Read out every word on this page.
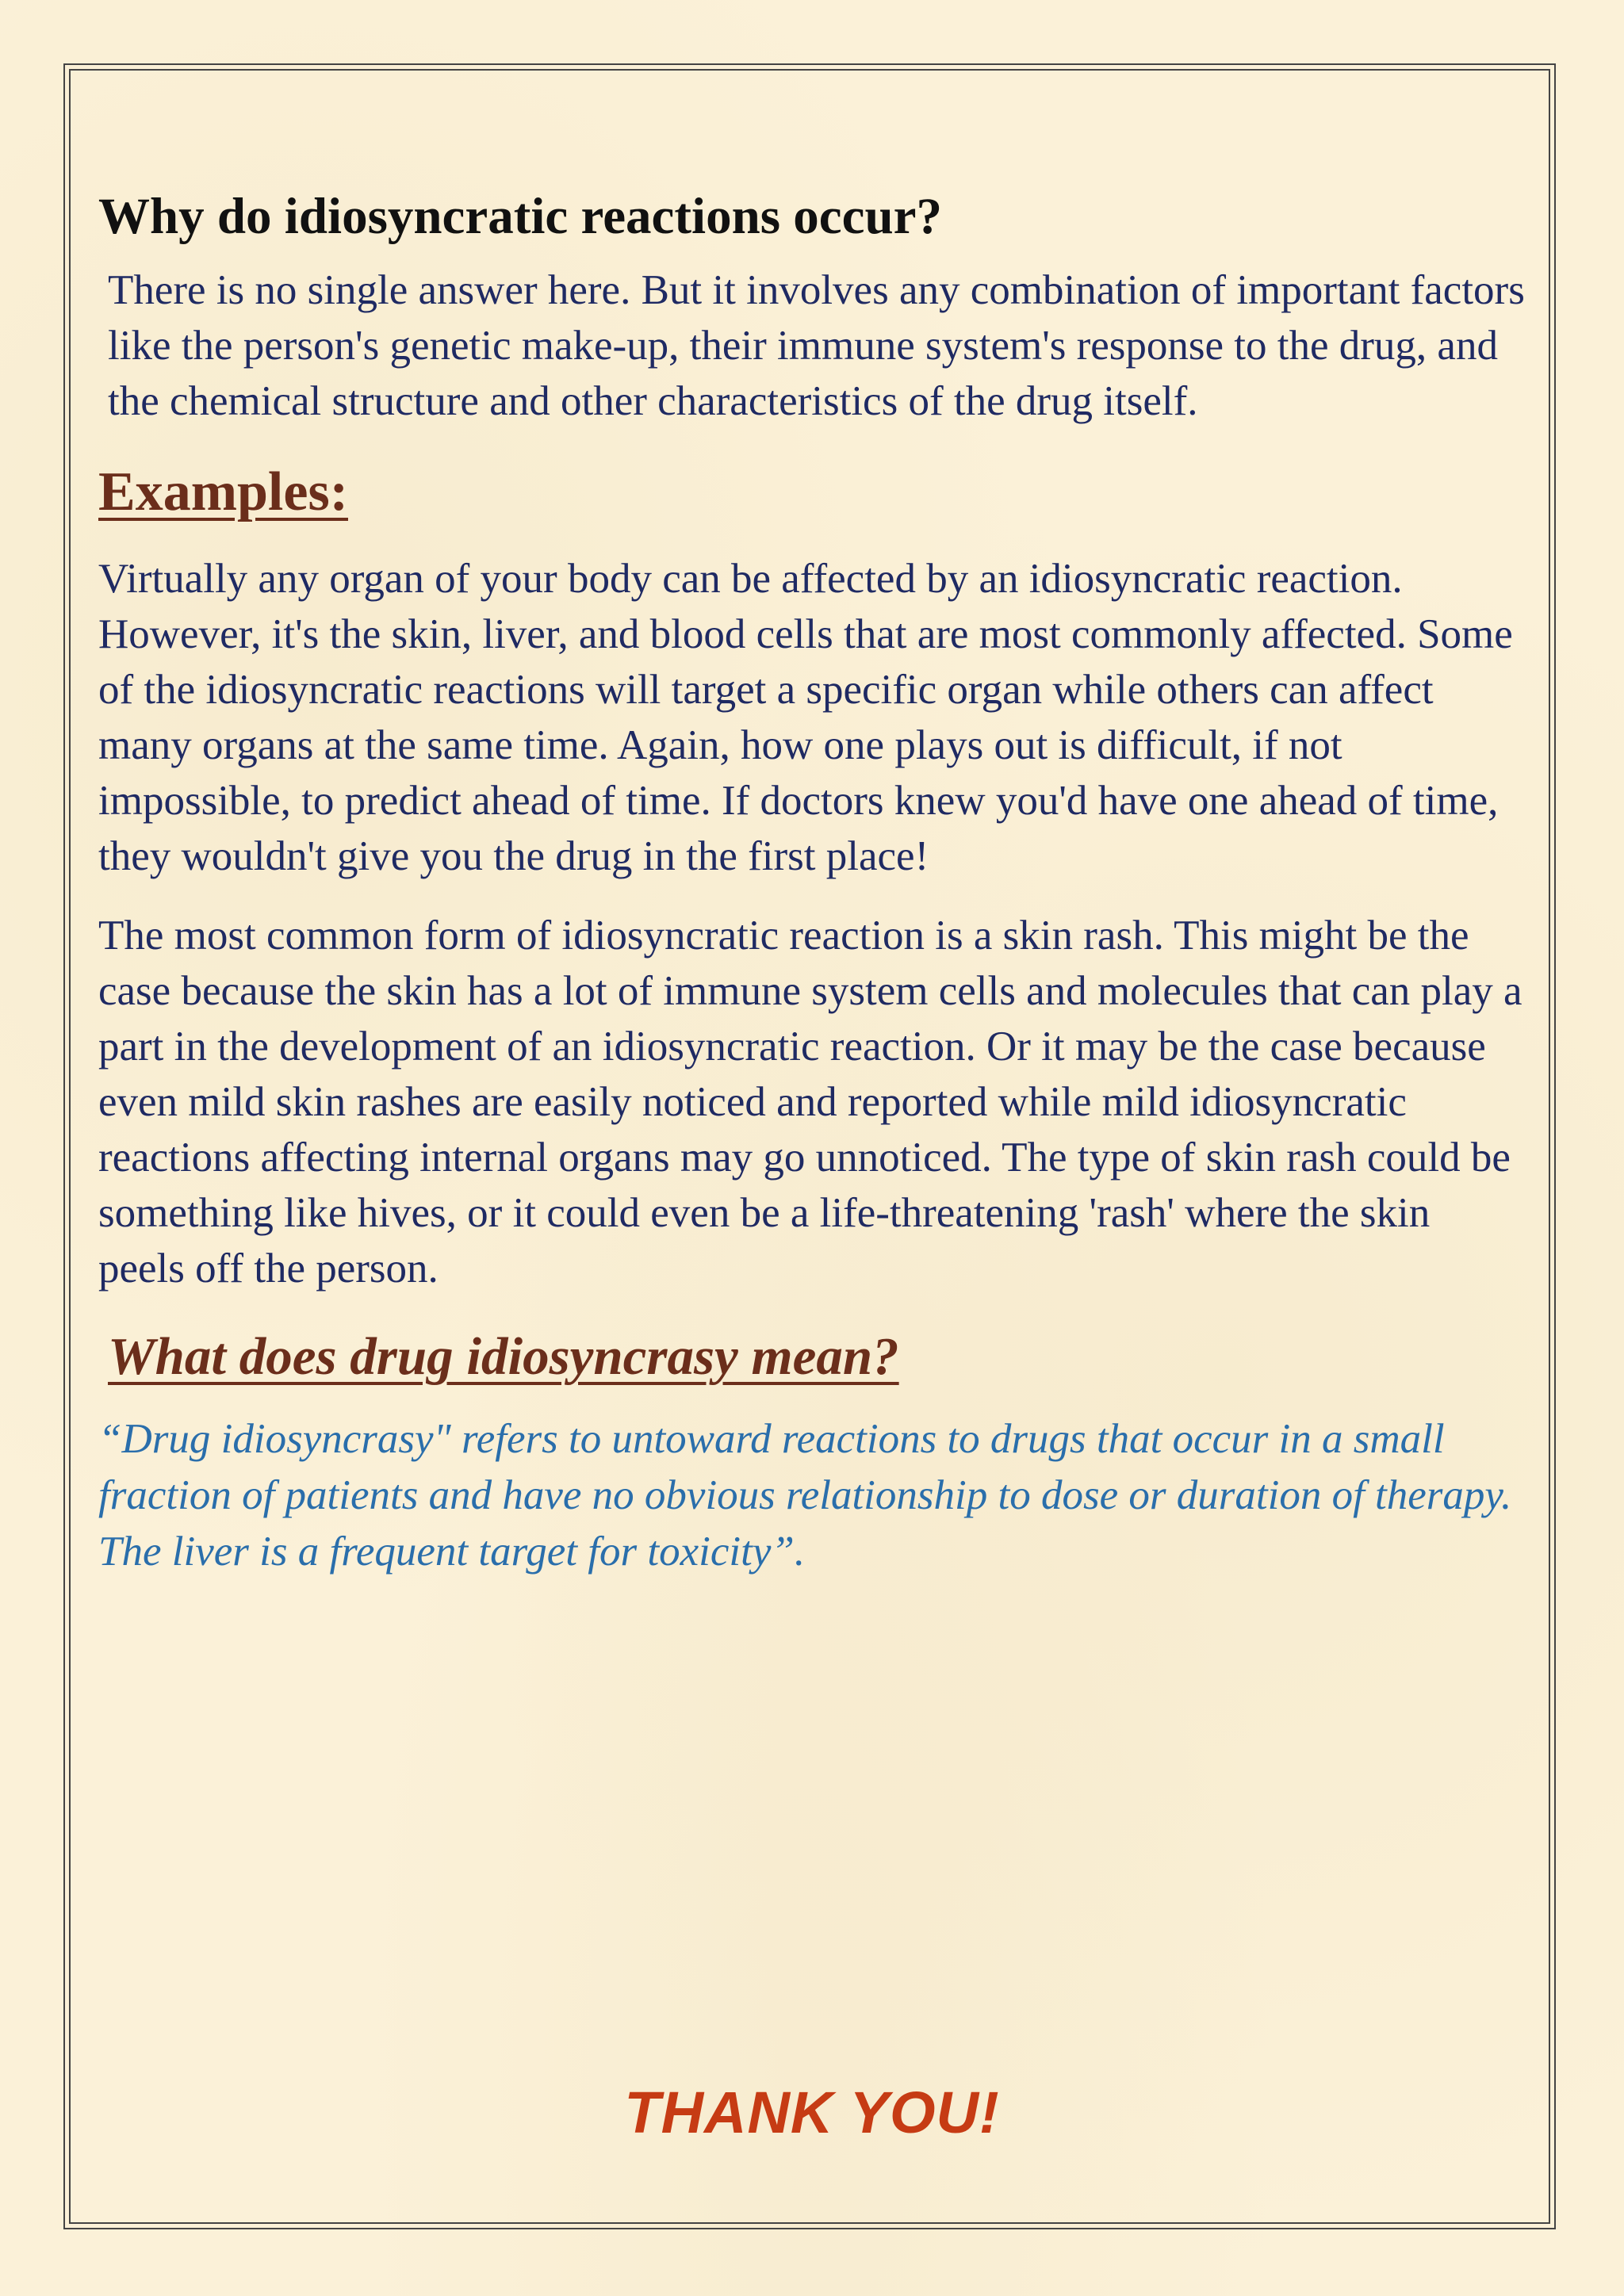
Why do idiosyncratic reactions occur?

There is no single answer here. But it involves any combination of important factors like the person's genetic make-up, their immune system's response to the drug, and the chemical structure and other characteristics of the drug itself.

Examples:

Virtually any organ of your body can be affected by an idiosyncratic reaction. However, it's the skin, liver, and blood cells that are most commonly affected. Some of the idiosyncratic reactions will target a specific organ while others can affect many organs at the same time. Again, how one plays out is difficult, if not impossible, to predict ahead of time. If doctors knew you'd have one ahead of time, they wouldn't give you the drug in the first place!

The most common form of idiosyncratic reaction is a skin rash. This might be the case because the skin has a lot of immune system cells and molecules that can play a part in the development of an idiosyncratic reaction. Or it may be the case because even mild skin rashes are easily noticed and reported while mild idiosyncratic reactions affecting internal organs may go unnoticed. The type of skin rash could be something like hives, or it could even be a life-threatening 'rash' where the skin peels off the person.

What does drug idiosyncrasy mean?

“Drug idiosyncrasy" refers to untoward reactions to drugs that occur in a small fraction of patients and have no obvious relationship to dose or duration of therapy. The liver is a frequent target for toxicity”.

THANK YOU!
